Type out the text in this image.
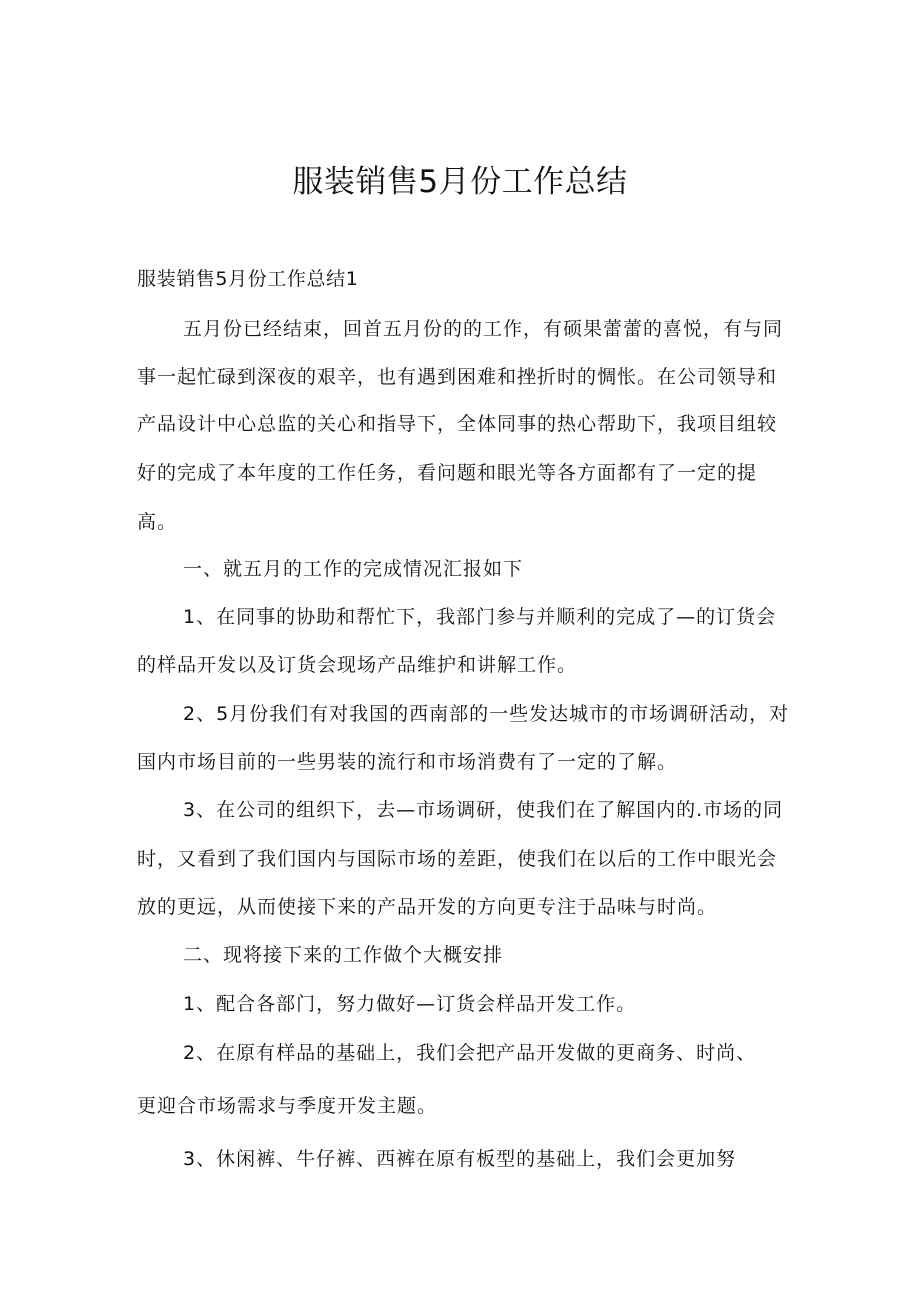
服装销售5月份工作总结

服装销售5月份工作总结1

五月份已经结束，回首五月份的的工作，有硕果蕾蕾的喜悦，有与同

事一起忙碌到深夜的艰辛，也有遇到困难和挫折时的惆怅。在公司领导和

产品设计中心总监的关心和指导下，全体同事的热心帮助下，我项目组较

好的完成了本年度的工作任务，看问题和眼光等各方面都有了一定的提

高。

一、就五月的工作的完成情况汇报如下

1、在同事的协助和帮忙下，我部门参与并顺利的完成了—的订货会

的样品开发以及订货会现场产品维护和讲解工作。

2、5月份我们有对我国的西南部的一些发达城市的市场调研活动，对

国内市场目前的一些男装的流行和市场消费有了一定的了解。

3、在公司的组织下，去—市场调研，使我们在了解国内的.市场的同

时，又看到了我们国内与国际市场的差距，使我们在以后的工作中眼光会

放的更远，从而使接下来的产品开发的方向更专注于品味与时尚。

二、现将接下来的工作做个大概安排

1、配合各部门，努力做好—订货会样品开发工作。

2、在原有样品的基础上，我们会把产品开发做的更商务、时尚、

更迎合市场需求与季度开发主题。

3、休闲裤、牛仔裤、西裤在原有板型的基础上，我们会更加努
